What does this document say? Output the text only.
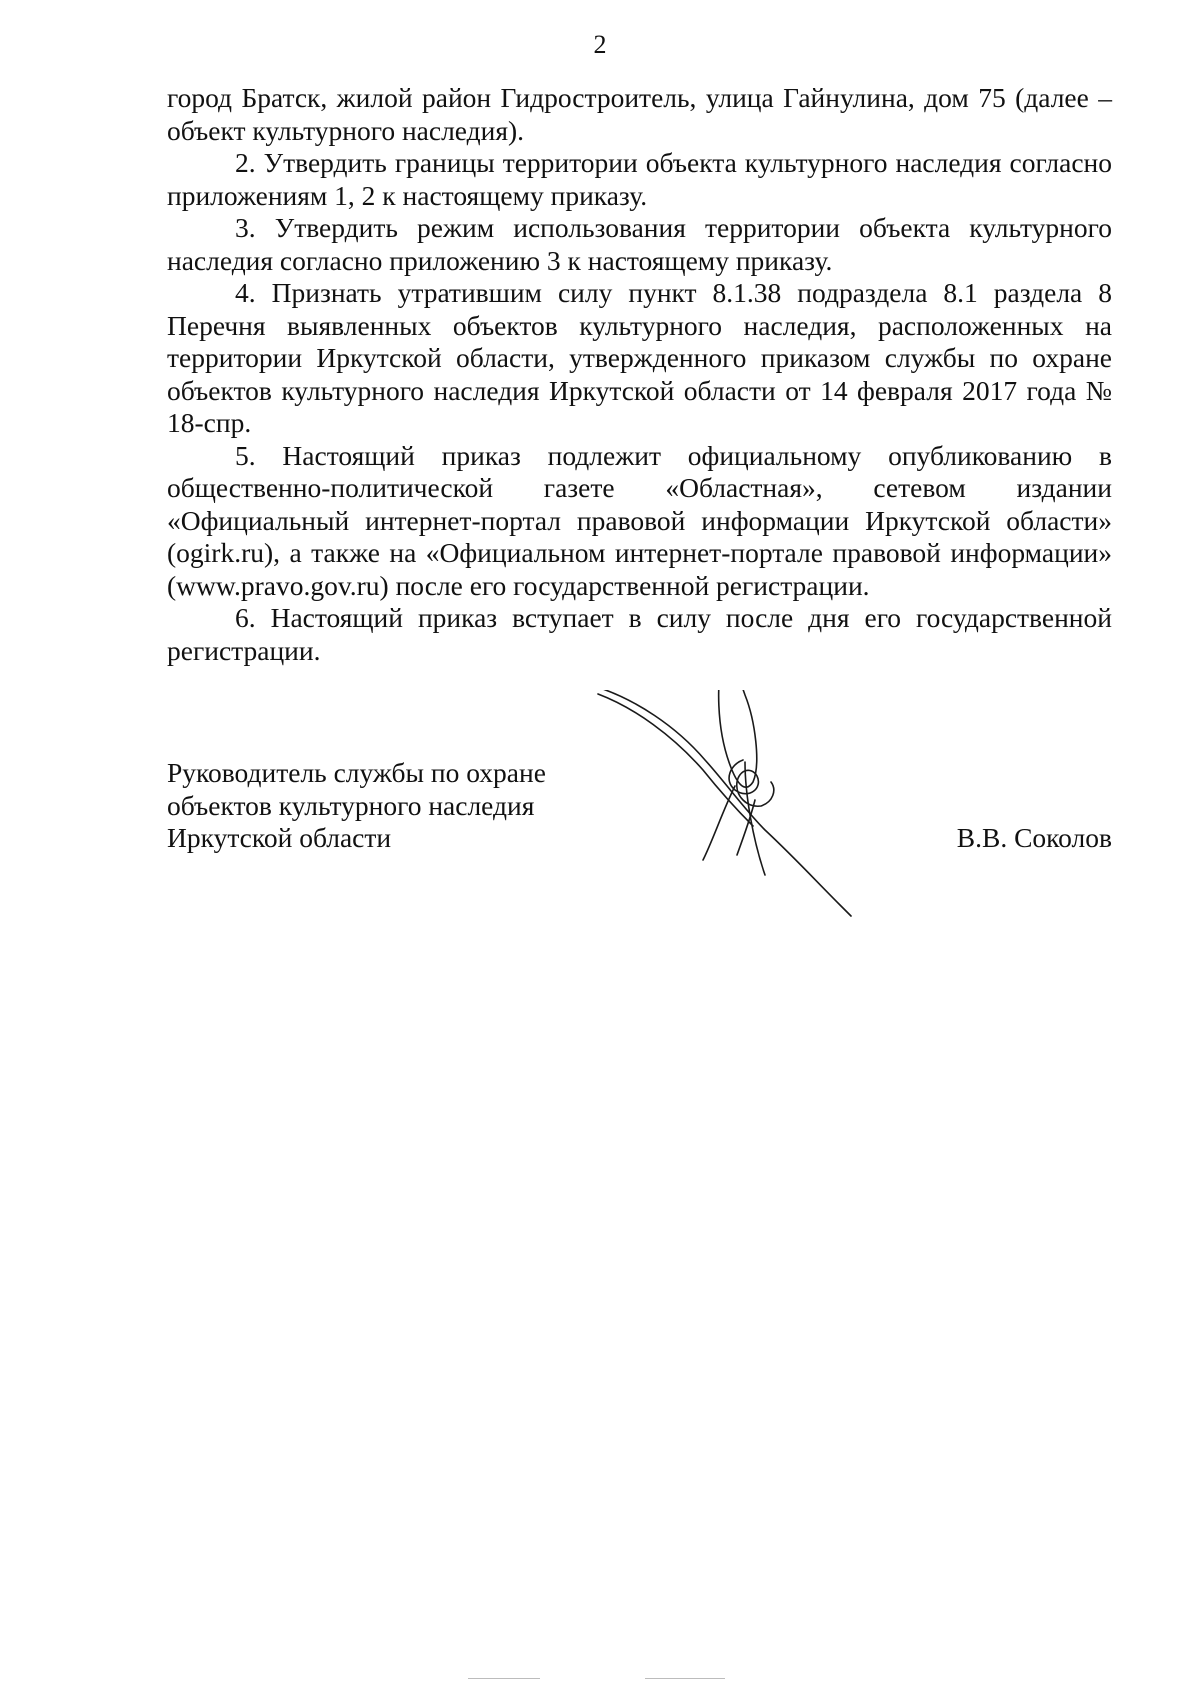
2

город Братск, жилой район Гидростроитель, улица Гайнулина, дом 75 (далее – объект культурного наследия).

2. Утвердить границы территории объекта культурного наследия согласно приложениям 1, 2 к настоящему приказу.

3. Утвердить режим использования территории объекта культурного наследия согласно приложению 3 к настоящему приказу.

4. Признать утратившим силу пункт 8.1.38 подраздела 8.1 раздела 8 Перечня выявленных объектов культурного наследия, расположенных на территории Иркутской области, утвержденного приказом службы по охране объектов культурного наследия Иркутской области от 14 февраля 2017 года № 18-спр.

5. Настоящий приказ подлежит официальному опубликованию в общественно-политической газете «Областная», сетевом издании «Официальный интернет-портал правовой информации Иркутской области» (ogirk.ru), а также на «Официальном интернет-портале правовой информации» (www.pravo.gov.ru) после его государственной регистрации.

6. Настоящий приказ вступает в силу после дня его государственной регистрации.

Руководитель службы по охране
объектов культурного наследия
Иркутской области	В.В. Соколов
